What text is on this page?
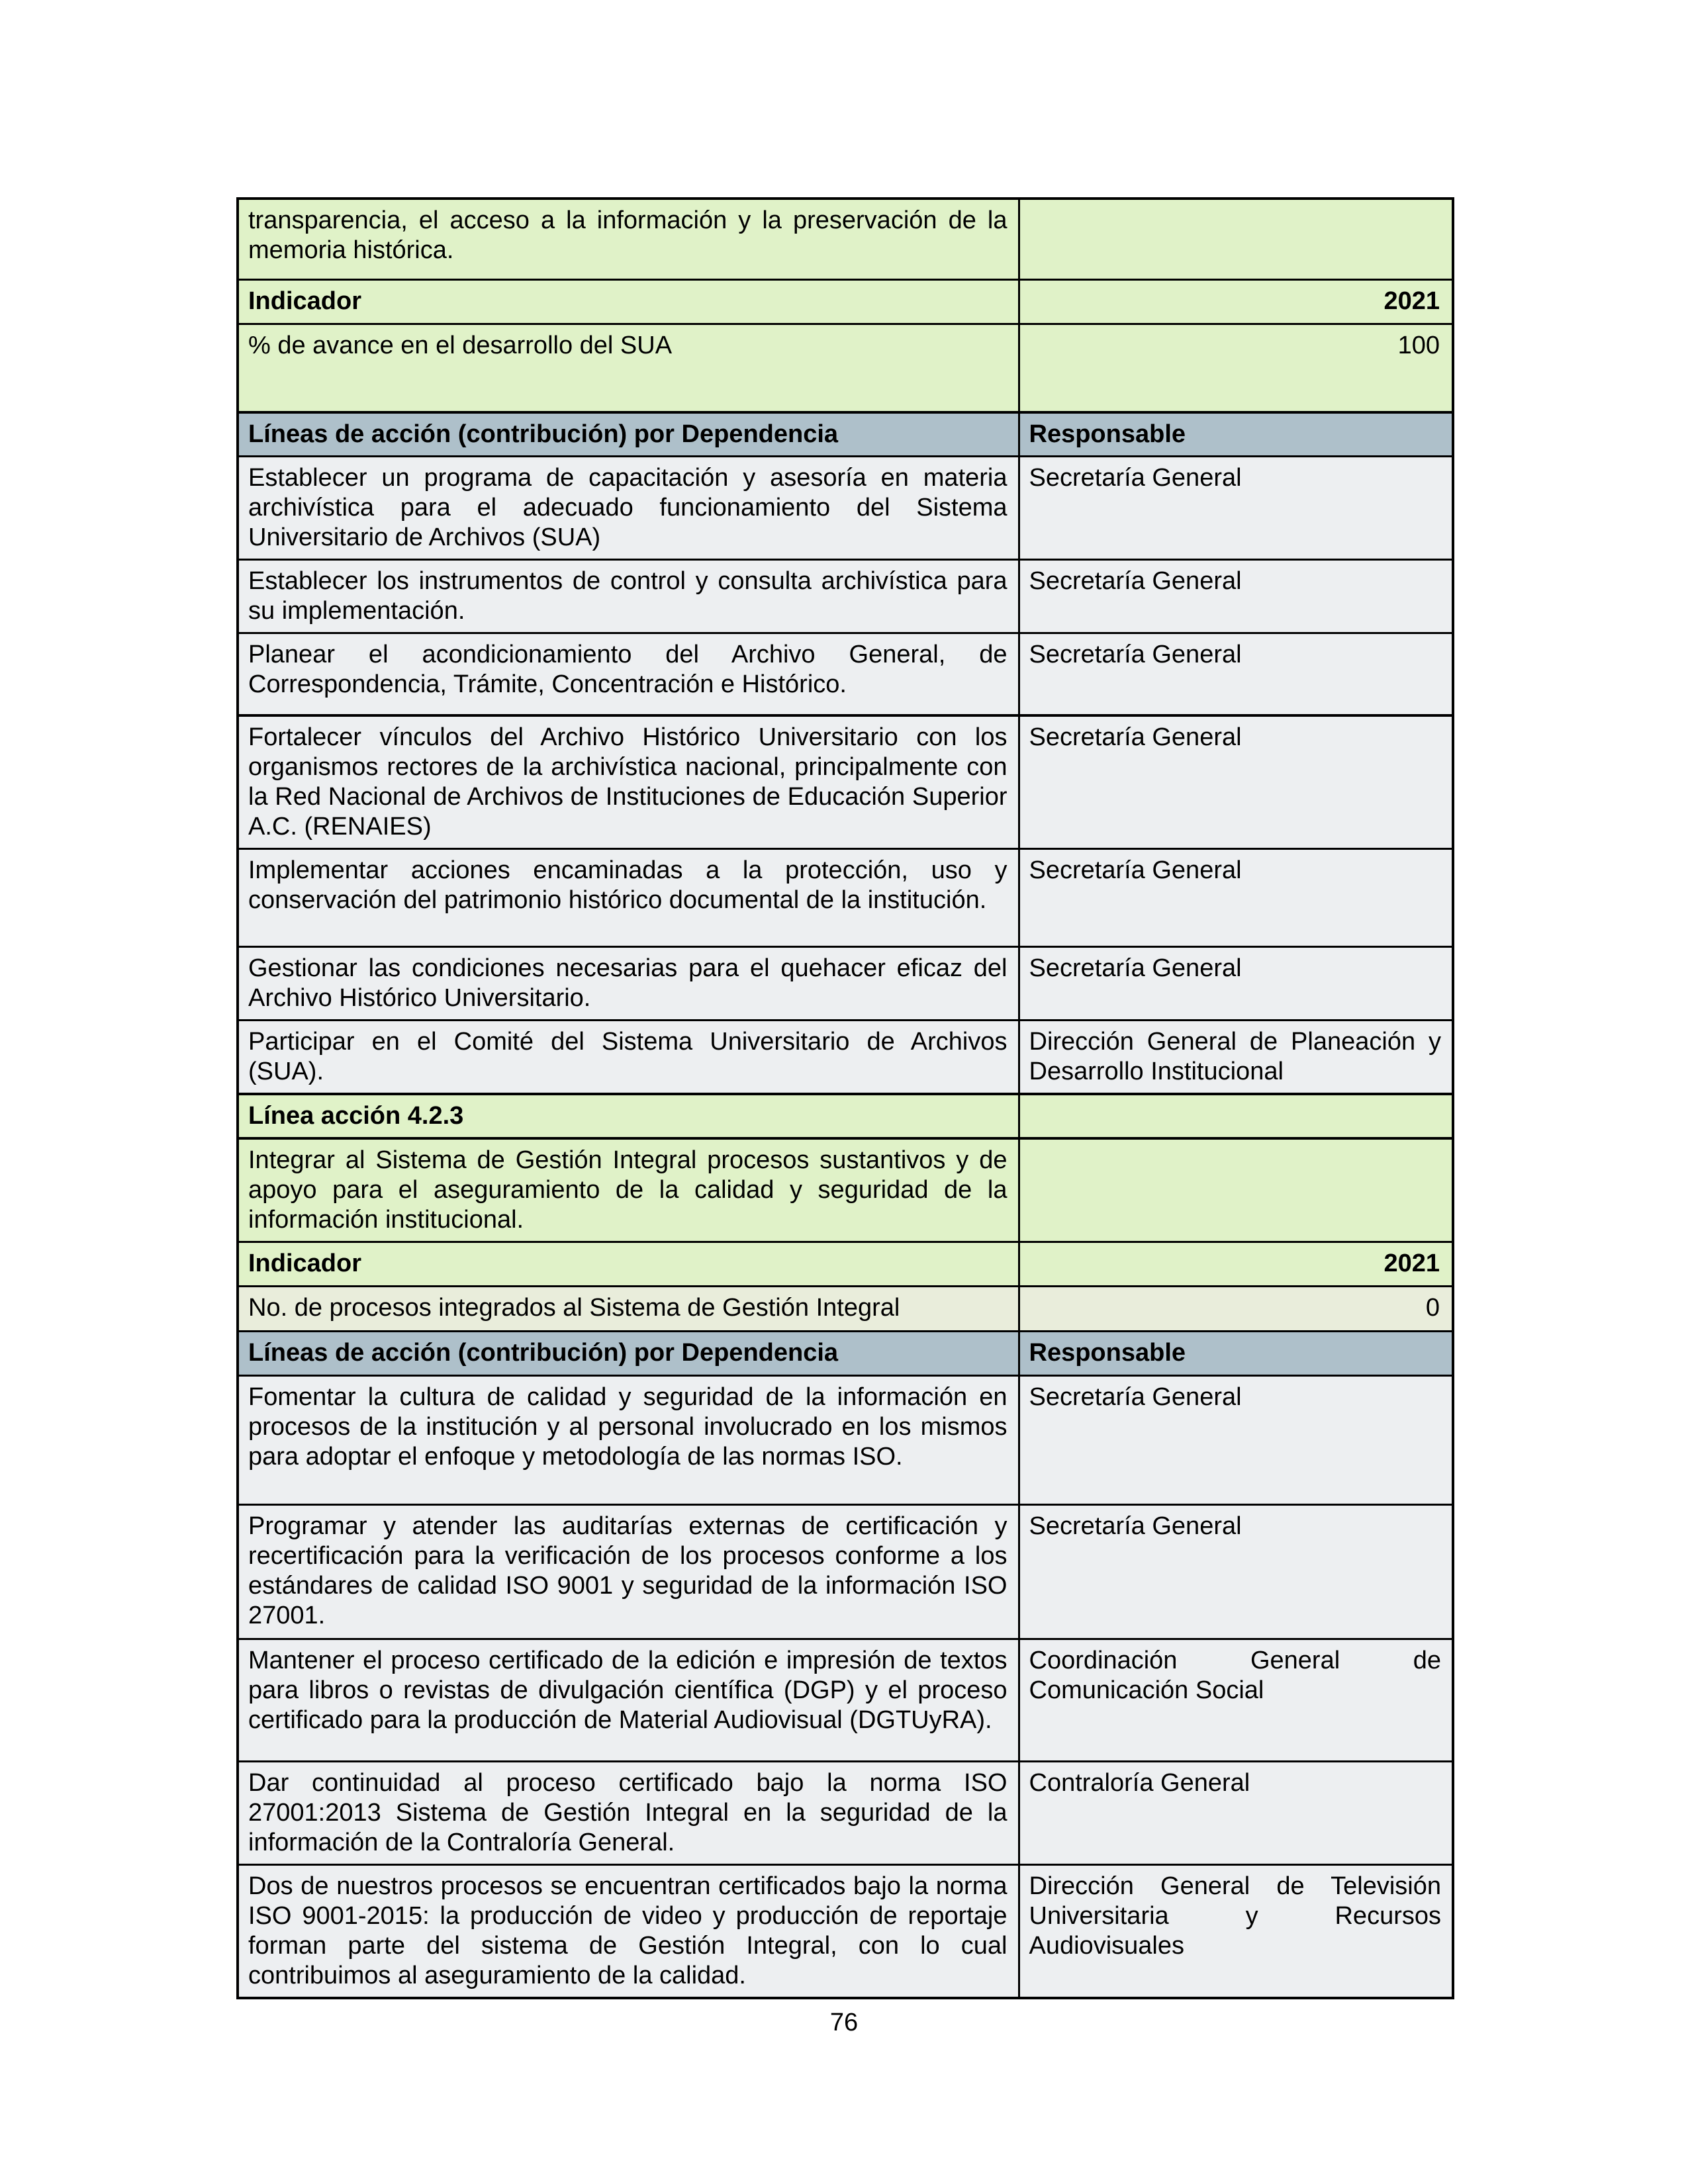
transparencia, el acceso a la información y la preservación de la memoria histórica.	
Indicador	2021
% de avance en el desarrollo del SUA	100
Líneas de acción (contribución) por Dependencia	Responsable
Establecer un programa de capacitación y asesoría en materia archivística para el adecuado funcionamiento del Sistema Universitario de Archivos (SUA)	Secretaría General
Establecer los instrumentos de control y consulta archivística para su implementación.	Secretaría General
Planear el acondicionamiento del Archivo General, de Correspondencia, Trámite, Concentración e Histórico.	Secretaría General
Fortalecer vínculos del Archivo Histórico Universitario con los organismos rectores de la archivística nacional, principalmente con la Red Nacional de Archivos de Instituciones de Educación Superior A.C. (RENAIES)	Secretaría General
Implementar acciones encaminadas a la protección, uso y conservación del patrimonio histórico documental de la institución.	Secretaría General
Gestionar las condiciones necesarias para el quehacer eficaz del Archivo Histórico Universitario.	Secretaría General
Participar en el Comité del Sistema Universitario de Archivos (SUA).	Dirección General de Planeación y Desarrollo Institucional
Línea acción 4.2.3	
Integrar al Sistema de Gestión Integral procesos sustantivos y de apoyo para el aseguramiento de la calidad y seguridad de la información institucional.	
Indicador	2021
No. de procesos integrados al Sistema de Gestión Integral	0
Líneas de acción (contribución) por Dependencia	Responsable
Fomentar la cultura de calidad y seguridad de la información en procesos de la institución y al personal involucrado en los mismos para adoptar el enfoque y metodología de las normas ISO.	Secretaría General
Programar y atender las auditarías externas de certificación y recertificación para la verificación de los procesos conforme a los estándares de calidad ISO 9001 y seguridad de la información ISO 27001.	Secretaría General
Mantener el proceso certificado de la edición e impresión de textos para libros o revistas de divulgación científica (DGP) y el proceso certificado para la producción de Material Audiovisual (DGTUyRA).	Coordinación General de Comunicación Social
Dar continuidad al proceso certificado bajo la norma ISO 27001:2013 Sistema de Gestión Integral en la seguridad de la información de la Contraloría General.	Contraloría General
Dos de nuestros procesos se encuentran certificados bajo la norma ISO 9001-2015: la producción de video y producción de reportaje forman parte del sistema de Gestión Integral, con lo cual contribuimos al aseguramiento de la calidad.	Dirección General de Televisión Universitaria y Recursos Audiovisuales
76
